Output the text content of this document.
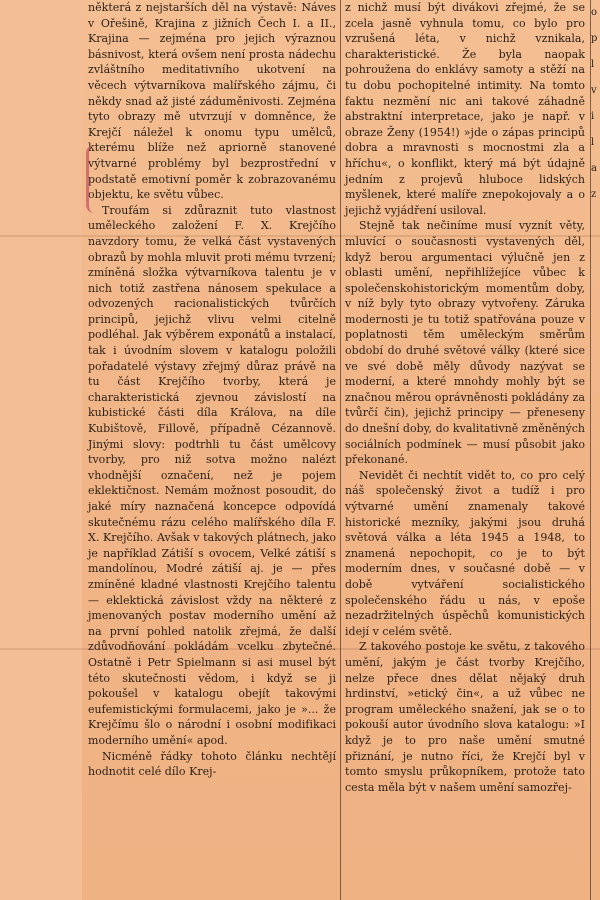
některá z nejstarších děl na výstavě: Náves v Ořešině, Krajina z jižních Čech I. a II., Krajina — zejména pro jejich výraznou básnivost, která ovšem není prosta nádechu zvláštního meditativního ukotvení na věcech výtvarníkova malířského zájmu, či někdy snad až jisté záduměnivosti. Zejména tyto obrazy mě utvrzují v domněnce, že Krejčí náležel k onomu typu umělců, kterému blíže než apriorně stanovené výtvarné problémy byl bezprostřední v podstatě emotivní poměr k zobrazovanému objektu, ke světu vůbec.

Troufám si zdůraznit tuto vlastnost uměleckého založení F. X. Krejčího navzdory tomu, že velká část vystavených obrazů by mohla mluvit proti mému tvrzení; zmíněná složka výtvarníkova talentu je v nich totiž zastřena nánosem spekulace a odvozených racionalistických tvůrčích principů, jejichž vlivu velmi citelně podléhal. Jak výběrem exponátů a instalací, tak i úvodním slovem v katalogu položili pořadatelé výstavy zřejmý důraz právě na tu část Krejčího tvorby, která je charakteristická zjevnou závislostí na kubistické části díla Králova, na díle Kubištově, Fillově, případně Cézannově. Jinými slovy: podtrhli tu část umělcovy tvorby, pro niž sotva možno nalézt vhodnější označení, než je pojem eklektičnost. Nemám možnost posoudit, do jaké míry naznačená koncepce odpovídá skutečnému rázu celého malířského díla F. X. Krejčího. Avšak v takových plátnech, jako je například Zátiší s ovocem, Velké zátiší s mandolínou, Modré zátiší aj. je — přes zmíněné kladné vlastnosti Krejčího talentu — eklektická závislost vždy na některé z jmenovaných postav moderního umění až na první pohled natolik zřejmá, že další zdůvodňování pokládám vcelku zbytečné. Ostatně i Petr Spielmann si asi musel být této skutečnosti vědom, i když se ji pokoušel v katalogu obejít takovými eufemistickými formulacemi, jako je »... že Krejčímu šlo o národní i osobní modifikaci moderního umění« apod.

Nicméně řádky tohoto článku nechtějí hodnotit celé dílo Krej-

z nichž musí být divákovi zřejmé, že se zcela jasně vyhnula tomu, co bylo pro vzrušená léta, v nichž vznikala, charakteristické. Že byla naopak pohroužena do enklávy samoty a stěží na tu dobu pochopitelné intimity. Na tomto faktu nezmění nic ani takové záhadně abstraktní interpretace, jako je např. v obraze Ženy (1954!) »jde o zápas principů dobra a mravnosti s mocnostmi zla a hříchu«, o konflikt, který má být údajně jedním z projevů hluboce lidských myšlenek, které malíře znepokojovaly a o jejichž vyjádření usiloval.

Stejně tak nečiníme musí vyznít věty, mluvící o současnosti vystavených děl, když berou argumentaci výlučně jen z oblasti umění, nepřihlížejíce vůbec k společenskohistorickým momentům doby, v níž byly tyto obrazy vytvořeny. Záruka modernosti je tu totiž spatřována pouze v poplatnosti těm uměleckým směrům období do druhé světové války (které sice ve své době měly důvody nazývat se moderní, a které mnohdy mohly být se značnou měrou oprávněnosti pokládány za tvůrčí čin), jejichž principy — přeneseny do dnešní doby, do kvalitativně změněných sociálních podmínek — musí působit jako překonané.

Nevidět či nechtít vidět to, co pro celý náš společenský život a tudíž i pro výtvarné umění znamenaly takové historické mezníky, jakými jsou druhá světová válka a léta 1945 a 1948, to znamená nepochopit, co je to být moderním dnes, v současné době — v době vytváření socialistického společenského řádu u nás, v epoše nezadržitelných úspěchů komunistických idejí v celém světě.

Z takového postoje ke světu, z takového umění, jakým je část tvorby Krejčího, nelze přece dnes dělat nějaký druh hrdinství, »etický čin«, a už vůbec ne program uměleckého snažení, jak se o to pokouší autor úvodního slova katalogu: »I když je to pro naše umění smutné přiznání, je nutno říci, že Krejčí byl v tomto smyslu průkopníkem, protože tato cesta měla být v našem umění samozřej-

o
p
l
v
i
l
a
z
